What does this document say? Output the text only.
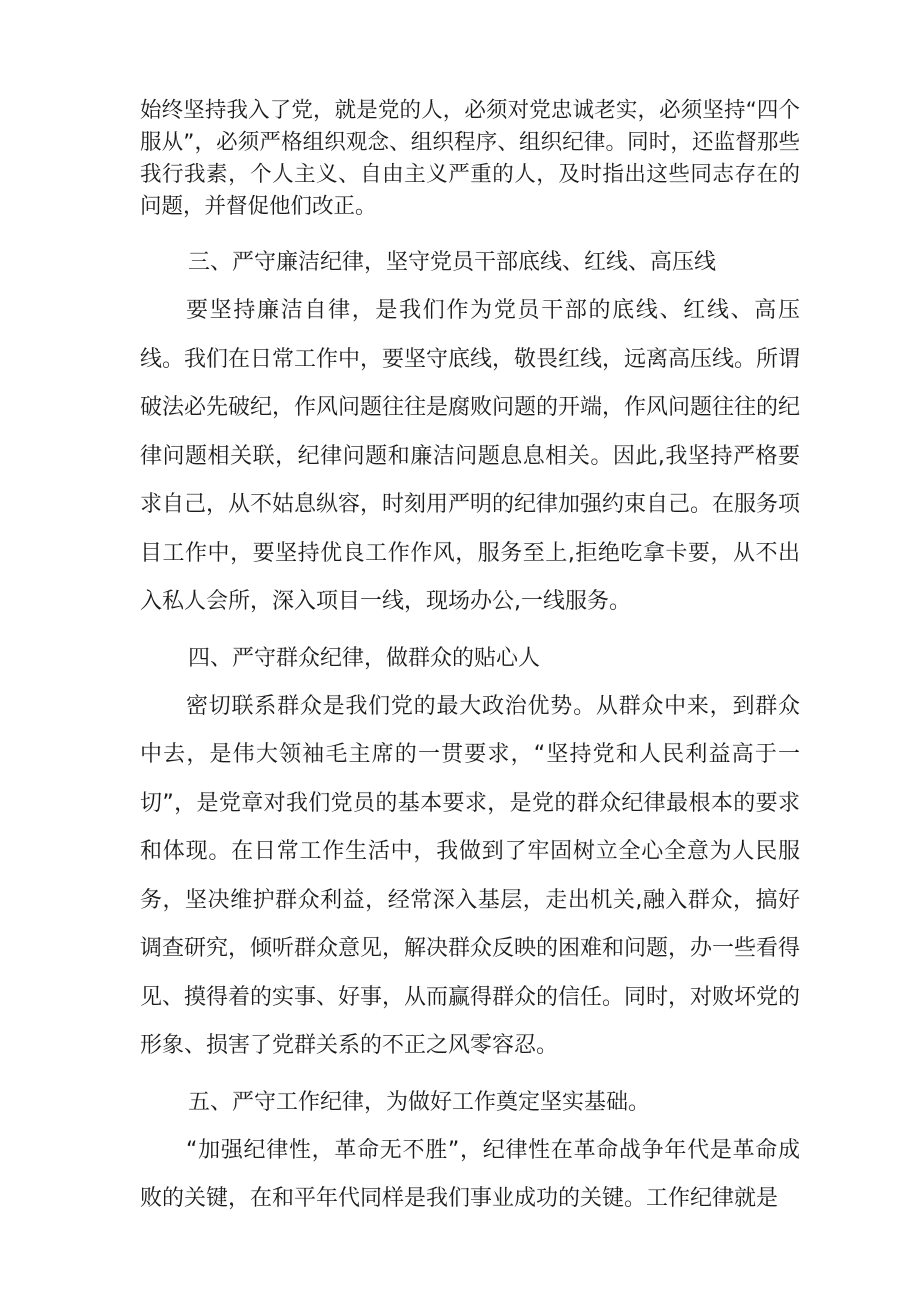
始终坚持我入了党，就是党的人，必须对党忠诚老实，必须坚持“四个服从”，必须严格组织观念、组织程序、组织纪律。同时，还监督那些我行我素，个人主义、自由主义严重的人，及时指出这些同志存在的问题，并督促他们改正。

三、严守廉洁纪律，坚守党员干部底线、红线、高压线

要坚持廉洁自律，是我们作为党员干部的底线、红线、高压线。我们在日常工作中，要坚守底线，敬畏红线，远离高压线。所谓破法必先破纪，作风问题往往是腐败问题的开端，作风问题往往的纪律问题相关联，纪律问题和廉洁问题息息相关。因此,我坚持严格要求自己，从不姑息纵容，时刻用严明的纪律加强约束自己。在服务项目工作中，要坚持优良工作作风，服务至上,拒绝吃拿卡要，从不出入私人会所，深入项目一线，现场办公,一线服务。

四、严守群众纪律，做群众的贴心人

密切联系群众是我们党的最大政治优势。从群众中来，到群众中去，是伟大领袖毛主席的一贯要求，“坚持党和人民利益高于一切”，是党章对我们党员的基本要求，是党的群众纪律最根本的要求和体现。在日常工作生活中，我做到了牢固树立全心全意为人民服务，坚决维护群众利益，经常深入基层，走出机关,融入群众，搞好调查研究，倾听群众意见，解决群众反映的困难和问题，办一些看得见、摸得着的实事、好事，从而赢得群众的信任。同时，对败坏党的形象、损害了党群关系的不正之风零容忍。

五、严守工作纪律，为做好工作奠定坚实基础。

“加强纪律性，革命无不胜”，纪律性在革命战争年代是革命成败的关键，在和平年代同样是我们事业成功的关键。工作纪律就是
